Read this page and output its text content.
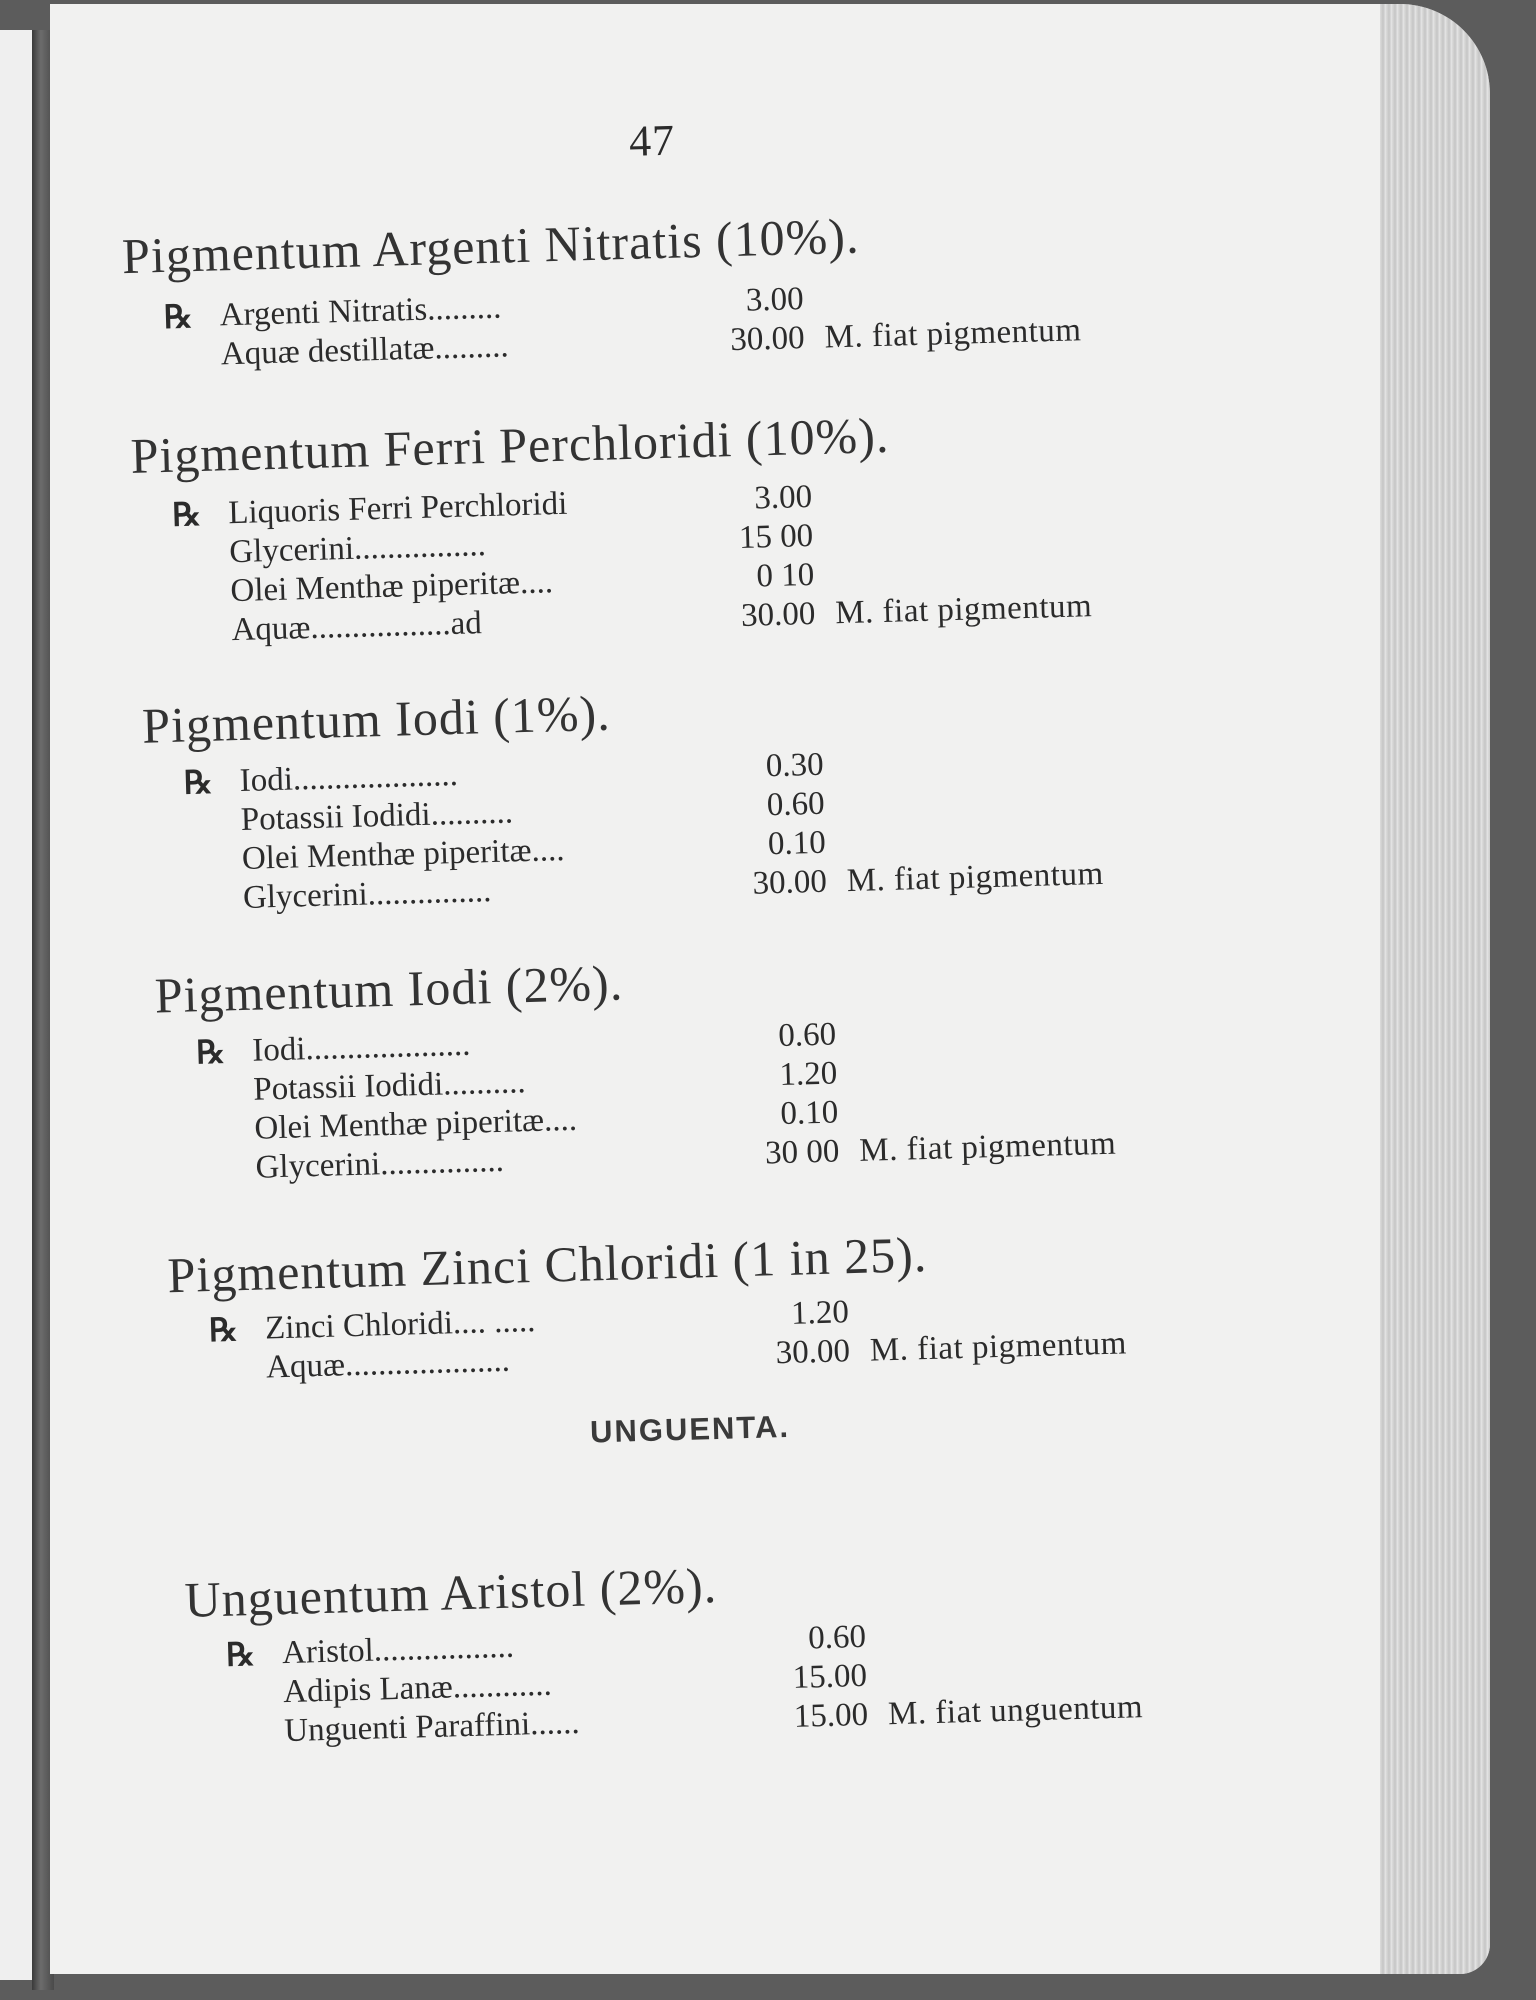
47
Pigmentum Argenti Nitratis (10%).
℞ Argenti Nitratis.........	3.00
Aquæ destillatæ.........	30.00 M. fiat pigmentum
Pigmentum Ferri Perchloridi (10%).
℞ Liquoris Ferri Perchloridi	3.00
Glycerini................	15 00
Olei Menthæ piperitæ....	0 10
Aquæ.................ad	30.00 M. fiat pigmentum
Pigmentum Iodi (1%).
℞ Iodi....................	0.30
Potassii Iodidi..........	0.60
Olei Menthæ piperitæ....	0.10
Glycerini...............	30.00 M. fiat pigmentum
Pigmentum Iodi (2%).
℞ Iodi....................	0.60
Potassii Iodidi..........	1.20
Olei Menthæ piperitæ....	0.10
Glycerini...............	30 00 M. fiat pigmentum
Pigmentum Zinci Chloridi (1 in 25).
℞ Zinci Chloridi.... .....	1.20
Aquæ....................	30.00 M. fiat pigmentum
UNGUENTA.
Unguentum Aristol (2%).
℞ Aristol.................	0.60
Adipis Lanæ............	15.00
Unguenti Paraffini......	15.00 M. fiat unguentum
